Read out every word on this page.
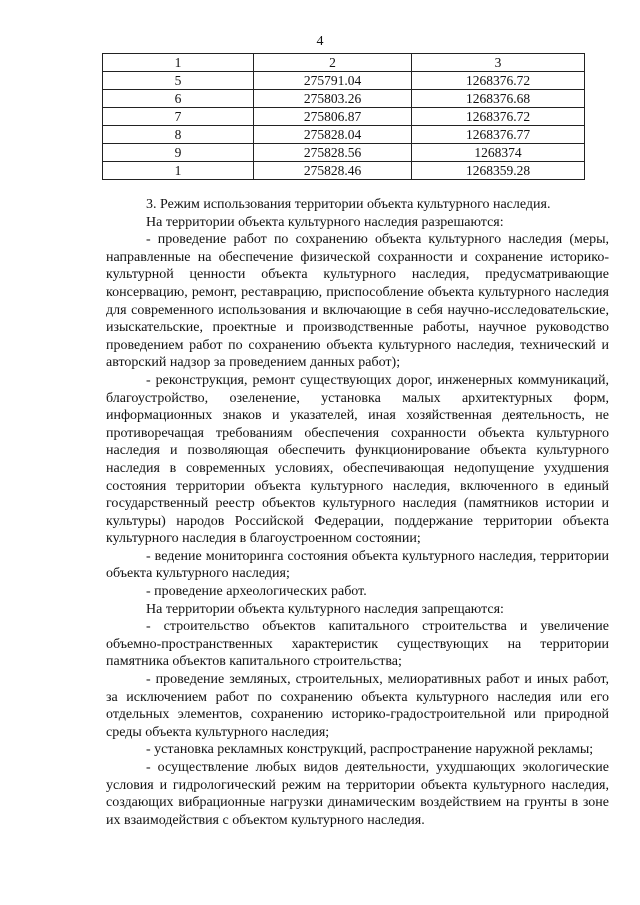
4
1	2	3
5	275791.04	1268376.72
6	275803.26	1268376.68
7	275806.87	1268376.72
8	275828.04	1268376.77
9	275828.56	1268374
1	275828.46	1268359.28

3. Режим использования территории объекта культурного наследия.

На территории объекта культурного наследия разрешаются:

- проведение работ по сохранению объекта культурного наследия (меры, направленные на обеспечение физической сохранности и сохранение историко-культурной ценности объекта культурного наследия, предусматривающие консервацию, ремонт, реставрацию, приспособление объекта культурного наследия для современного использования и включающие в себя научно-исследовательские, изыскательские, проектные и производственные работы, научное руководство проведением работ по сохранению объекта культурного наследия, технический и авторский надзор за проведением данных работ);

- реконструкция, ремонт существующих дорог, инженерных коммуникаций, благоустройство, озеленение, установка малых архитектурных форм, информационных знаков и указателей, иная хозяйственная деятельность, не противоречащая требованиям обеспечения сохранности объекта культурного наследия и позволяющая обеспечить функционирование объекта культурного наследия в современных условиях, обеспечивающая недопущение ухудшения состояния территории объекта культурного наследия, включенного в единый государственный реестр объектов культурного наследия (памятников истории и культуры) народов Российской Федерации, поддержание территории объекта культурного наследия в благоустроенном состоянии;

- ведение мониторинга состояния объекта культурного наследия, территории объекта культурного наследия;

- проведение археологических работ.

На территории объекта культурного наследия запрещаются:

- строительство объектов капитального строительства и увеличение объемно-пространственных характеристик существующих на территории памятника объектов капитального строительства;

- проведение земляных, строительных, мелиоративных работ и иных работ, за исключением работ по сохранению объекта культурного наследия или его отдельных элементов, сохранению историко-градостроительной или природной среды объекта культурного наследия;

- установка рекламных конструкций, распространение наружной рекламы;

- осуществление любых видов деятельности, ухудшающих экологические условия и гидрологический режим на территории объекта культурного наследия, создающих вибрационные нагрузки динамическим воздействием на грунты в зоне их взаимодействия с объектом культурного наследия.
